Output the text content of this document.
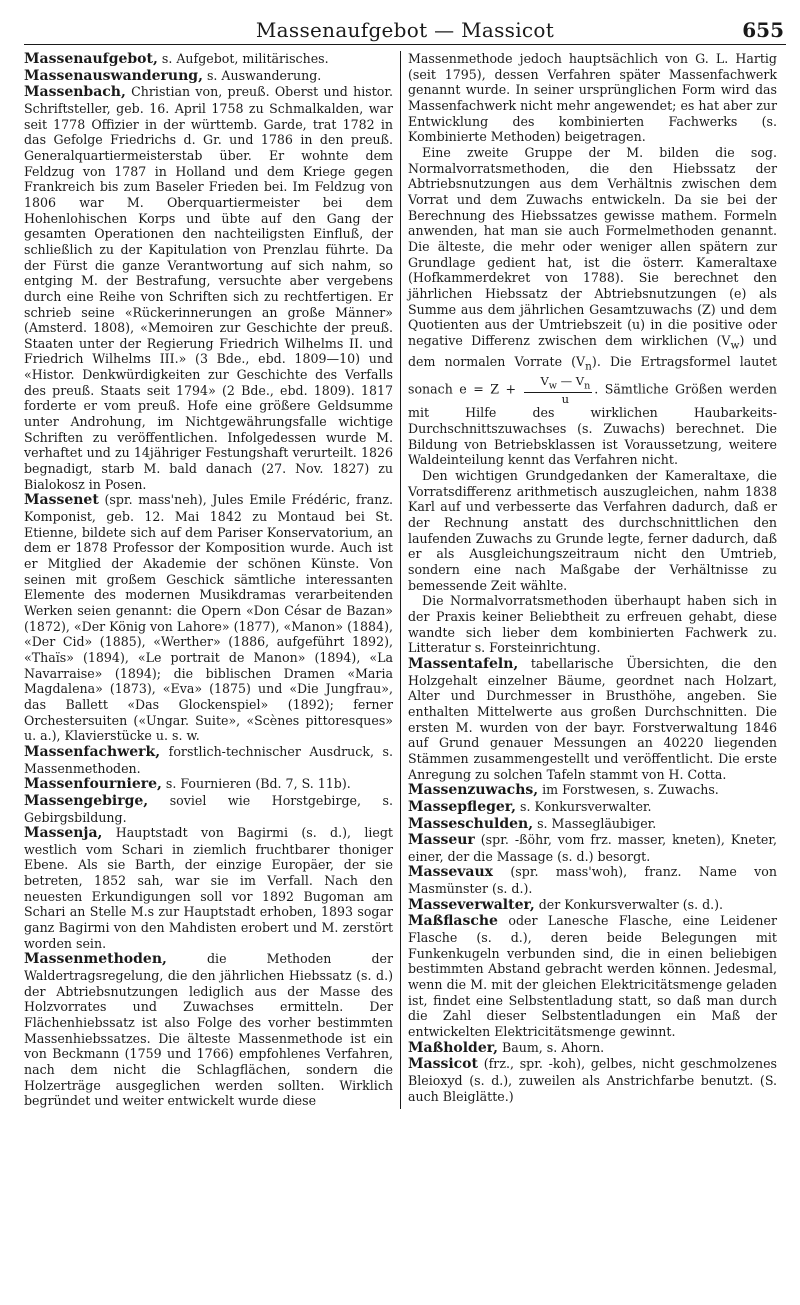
Massenaufgebot — Massicot	655

Massenaufgebot, s. Aufgebot, militärisches.

Massenauswanderung, s. Auswanderung.

Massenbach, Christian von, preuß. Oberst und histor. Schriftsteller, geb. 16. April 1758 zu Schmalkalden, war seit 1778 Offizier in der württemb. Garde, trat 1782 in das Gefolge Friedrichs d. Gr. und 1786 in den preuß. Generalquartiermeisterstab über. Er wohnte dem Feldzug von 1787 in Holland und dem Kriege gegen Frankreich bis zum Baseler Frieden bei. Im Feldzug von 1806 war M. Oberquartiermeister bei dem Hohenlohischen Korps und übte auf den Gang der gesamten Operationen den nachteiligsten Einfluß, der schließlich zu der Kapitulation von Prenzlau führte. Da der Fürst die ganze Verantwortung auf sich nahm, so entging M. der Bestrafung, versuchte aber vergebens durch eine Reihe von Schriften sich zu rechtfertigen. Er schrieb seine «Rückerinnerungen an große Männer» (Amsterd. 1808), «Memoiren zur Geschichte der preuß. Staaten unter der Regierung Friedrich Wilhelms II. und Friedrich Wilhelms III.» (3 Bde., ebd. 1809—10) und «Histor. Denkwürdigkeiten zur Geschichte des Verfalls des preuß. Staats seit 1794» (2 Bde., ebd. 1809). 1817 forderte er vom preuß. Hofe eine größere Geldsumme unter Androhung, im Nichtgewährungsfalle wichtige Schriften zu veröffentlichen. Infolgedessen wurde M. verhaftet und zu 14jähriger Festungshaft verurteilt. 1826 begnadigt, starb M. bald danach (27. Nov. 1827) zu Bialokosz in Posen.

Massenet (spr. mass'neh), Jules Emile Frédéric, franz. Komponist, geb. 12. Mai 1842 zu Montaud bei St. Etienne, bildete sich auf dem Pariser Konservatorium, an dem er 1878 Professor der Komposition wurde. Auch ist er Mitglied der Akademie der schönen Künste. Von seinen mit großem Geschick sämtliche interessanten Elemente des modernen Musikdramas verarbeitenden Werken seien genannt: die Opern «Don César de Bazan» (1872), «Der König von Lahore» (1877), «Manon» (1884), «Der Cid» (1885), «Werther» (1886, aufgeführt 1892), «Thaïs» (1894), «Le portrait de Manon» (1894), «La Navarraise» (1894); die biblischen Dramen «Maria Magdalena» (1873), «Eva» (1875) und «Die Jungfrau», das Ballett «Das Glockenspiel» (1892); ferner Orchestersuiten («Ungar. Suite», «Scènes pittoresques» u. a.), Klavierstücke u. s. w.

Massenfachwerk, forstlich-technischer Ausdruck, s. Massenmethoden.

Massenfourniere, s. Fournieren (Bd. 7, S. 11b).

Massengebirge, soviel wie Horstgebirge, s. Gebirgsbildung.

Massenja, Hauptstadt von Bagirmi (s. d.), liegt westlich vom Schari in ziemlich fruchtbarer thoniger Ebene. Als sie Barth, der einzige Europäer, der sie betreten, 1852 sah, war sie im Verfall. Nach den neuesten Erkundigungen soll vor 1892 Bugoman am Schari an Stelle M.s zur Hauptstadt erhoben, 1893 sogar ganz Bagirmi von den Mahdisten erobert und M. zerstört worden sein.

Massenmethoden, die Methoden der Waldertragsregelung, die den jährlichen Hiebssatz (s. d.) der Abtriebsnutzungen lediglich aus der Masse des Holzvorrates und Zuwachses ermitteln. Der Flächenhiebssatz ist also Folge des vorher bestimmten Massenhiebssatzes. Die älteste Massenmethode ist ein von Beckmann (1759 und 1766) empfohlenes Verfahren, nach dem nicht die Schlagflächen, sondern die Holzerträge ausgeglichen werden sollten. Wirklich begründet und weiter entwickelt wurde diese

Massenmethode jedoch hauptsächlich von G. L. Hartig (seit 1795), dessen Verfahren später Massenfachwerk genannt wurde. In seiner ursprünglichen Form wird das Massenfachwerk nicht mehr angewendet; es hat aber zur Entwicklung des kombinierten Fachwerks (s. Kombinierte Methoden) beigetragen.

Eine zweite Gruppe der M. bilden die sog. Normalvorratsmethoden, die den Hiebssatz der Abtriebsnutzungen aus dem Verhältnis zwischen dem Vorrat und dem Zuwachs entwickeln. Da sie bei der Berechnung des Hiebssatzes gewisse mathem. Formeln anwenden, hat man sie auch Formelmethoden genannt. Die älteste, die mehr oder weniger allen spätern zur Grundlage gedient hat, ist die österr. Kameraltaxe (Hofkammerdekret von 1788). Sie berechnet den jährlichen Hiebssatz der Abtriebsnutzungen (e) als Summe aus dem jährlichen Gesamtzuwachs (Z) und dem Quotienten aus der Umtriebszeit (u) in die positive oder negative Differenz zwischen dem wirklichen $(V_w)$ und dem normalen Vorrate $(V_n)$. Die Ertragsformel lautet sonach $e = Z + \frac{V_w — V_n}{u}$ . Sämtliche Größen werden mit Hilfe des wirklichen Haubarkeits-Durchschnittszuwachses (s. Zuwachs) berechnet. Die Bildung von Betriebsklassen ist Voraussetzung, weitere Waldeinteilung kennt das Verfahren nicht.

Den wichtigen Grundgedanken der Kameraltaxe, die Vorratsdifferenz arithmetisch auszugleichen, nahm 1838 Karl auf und verbesserte das Verfahren dadurch, daß er der Rechnung anstatt des durchschnittlichen den laufenden Zuwachs zu Grunde legte, ferner dadurch, daß er als Ausgleichungszeitraum nicht den Umtrieb, sondern eine nach Maßgabe der Verhältnisse zu bemessende Zeit wählte.

Die Normalvorratsmethoden überhaupt haben sich in der Praxis keiner Beliebtheit zu erfreuen gehabt, diese wandte sich lieber dem kombinierten Fachwerk zu. Litteratur s. Forsteinrichtung.

Massentafeln, tabellarische Übersichten, die den Holzgehalt einzelner Bäume, geordnet nach Holzart, Alter und Durchmesser in Brusthöhe, angeben. Sie enthalten Mittelwerte aus großen Durchschnitten. Die ersten M. wurden von der bayr. Forstverwaltung 1846 auf Grund genauer Messungen an 40220 liegenden Stämmen zusammengestellt und veröffentlicht. Die erste Anregung zu solchen Tafeln stammt von H. Cotta.

Massenzuwachs, im Forstwesen, s. Zuwachs.

Massepfleger, s. Konkursverwalter.

Masseschulden, s. Massegläubiger.

Masseur (spr. -ßöhr, vom frz. masser, kneten), Kneter, einer, der die Massage (s. d.) besorgt.

Massevaux (spr. mass'woh), franz. Name von Masmünster (s. d.).

Masseverwalter, der Konkursverwalter (s. d.).

Maßflasche oder Lanesche Flasche, eine Leidener Flasche (s. d.), deren beide Belegungen mit Funkenkugeln verbunden sind, die in einen beliebigen bestimmten Abstand gebracht werden können. Jedesmal, wenn die M. mit der gleichen Elektricitätsmenge geladen ist, findet eine Selbstentladung statt, so daß man durch die Zahl dieser Selbstentladungen ein Maß der entwickelten Elektricitätsmenge gewinnt.

Maßholder, Baum, s. Ahorn.

Massicot (frz., spr. -koh), gelbes, nicht geschmolzenes Bleioxyd (s. d.), zuweilen als Anstrichfarbe benutzt. (S. auch Bleiglätte.)
